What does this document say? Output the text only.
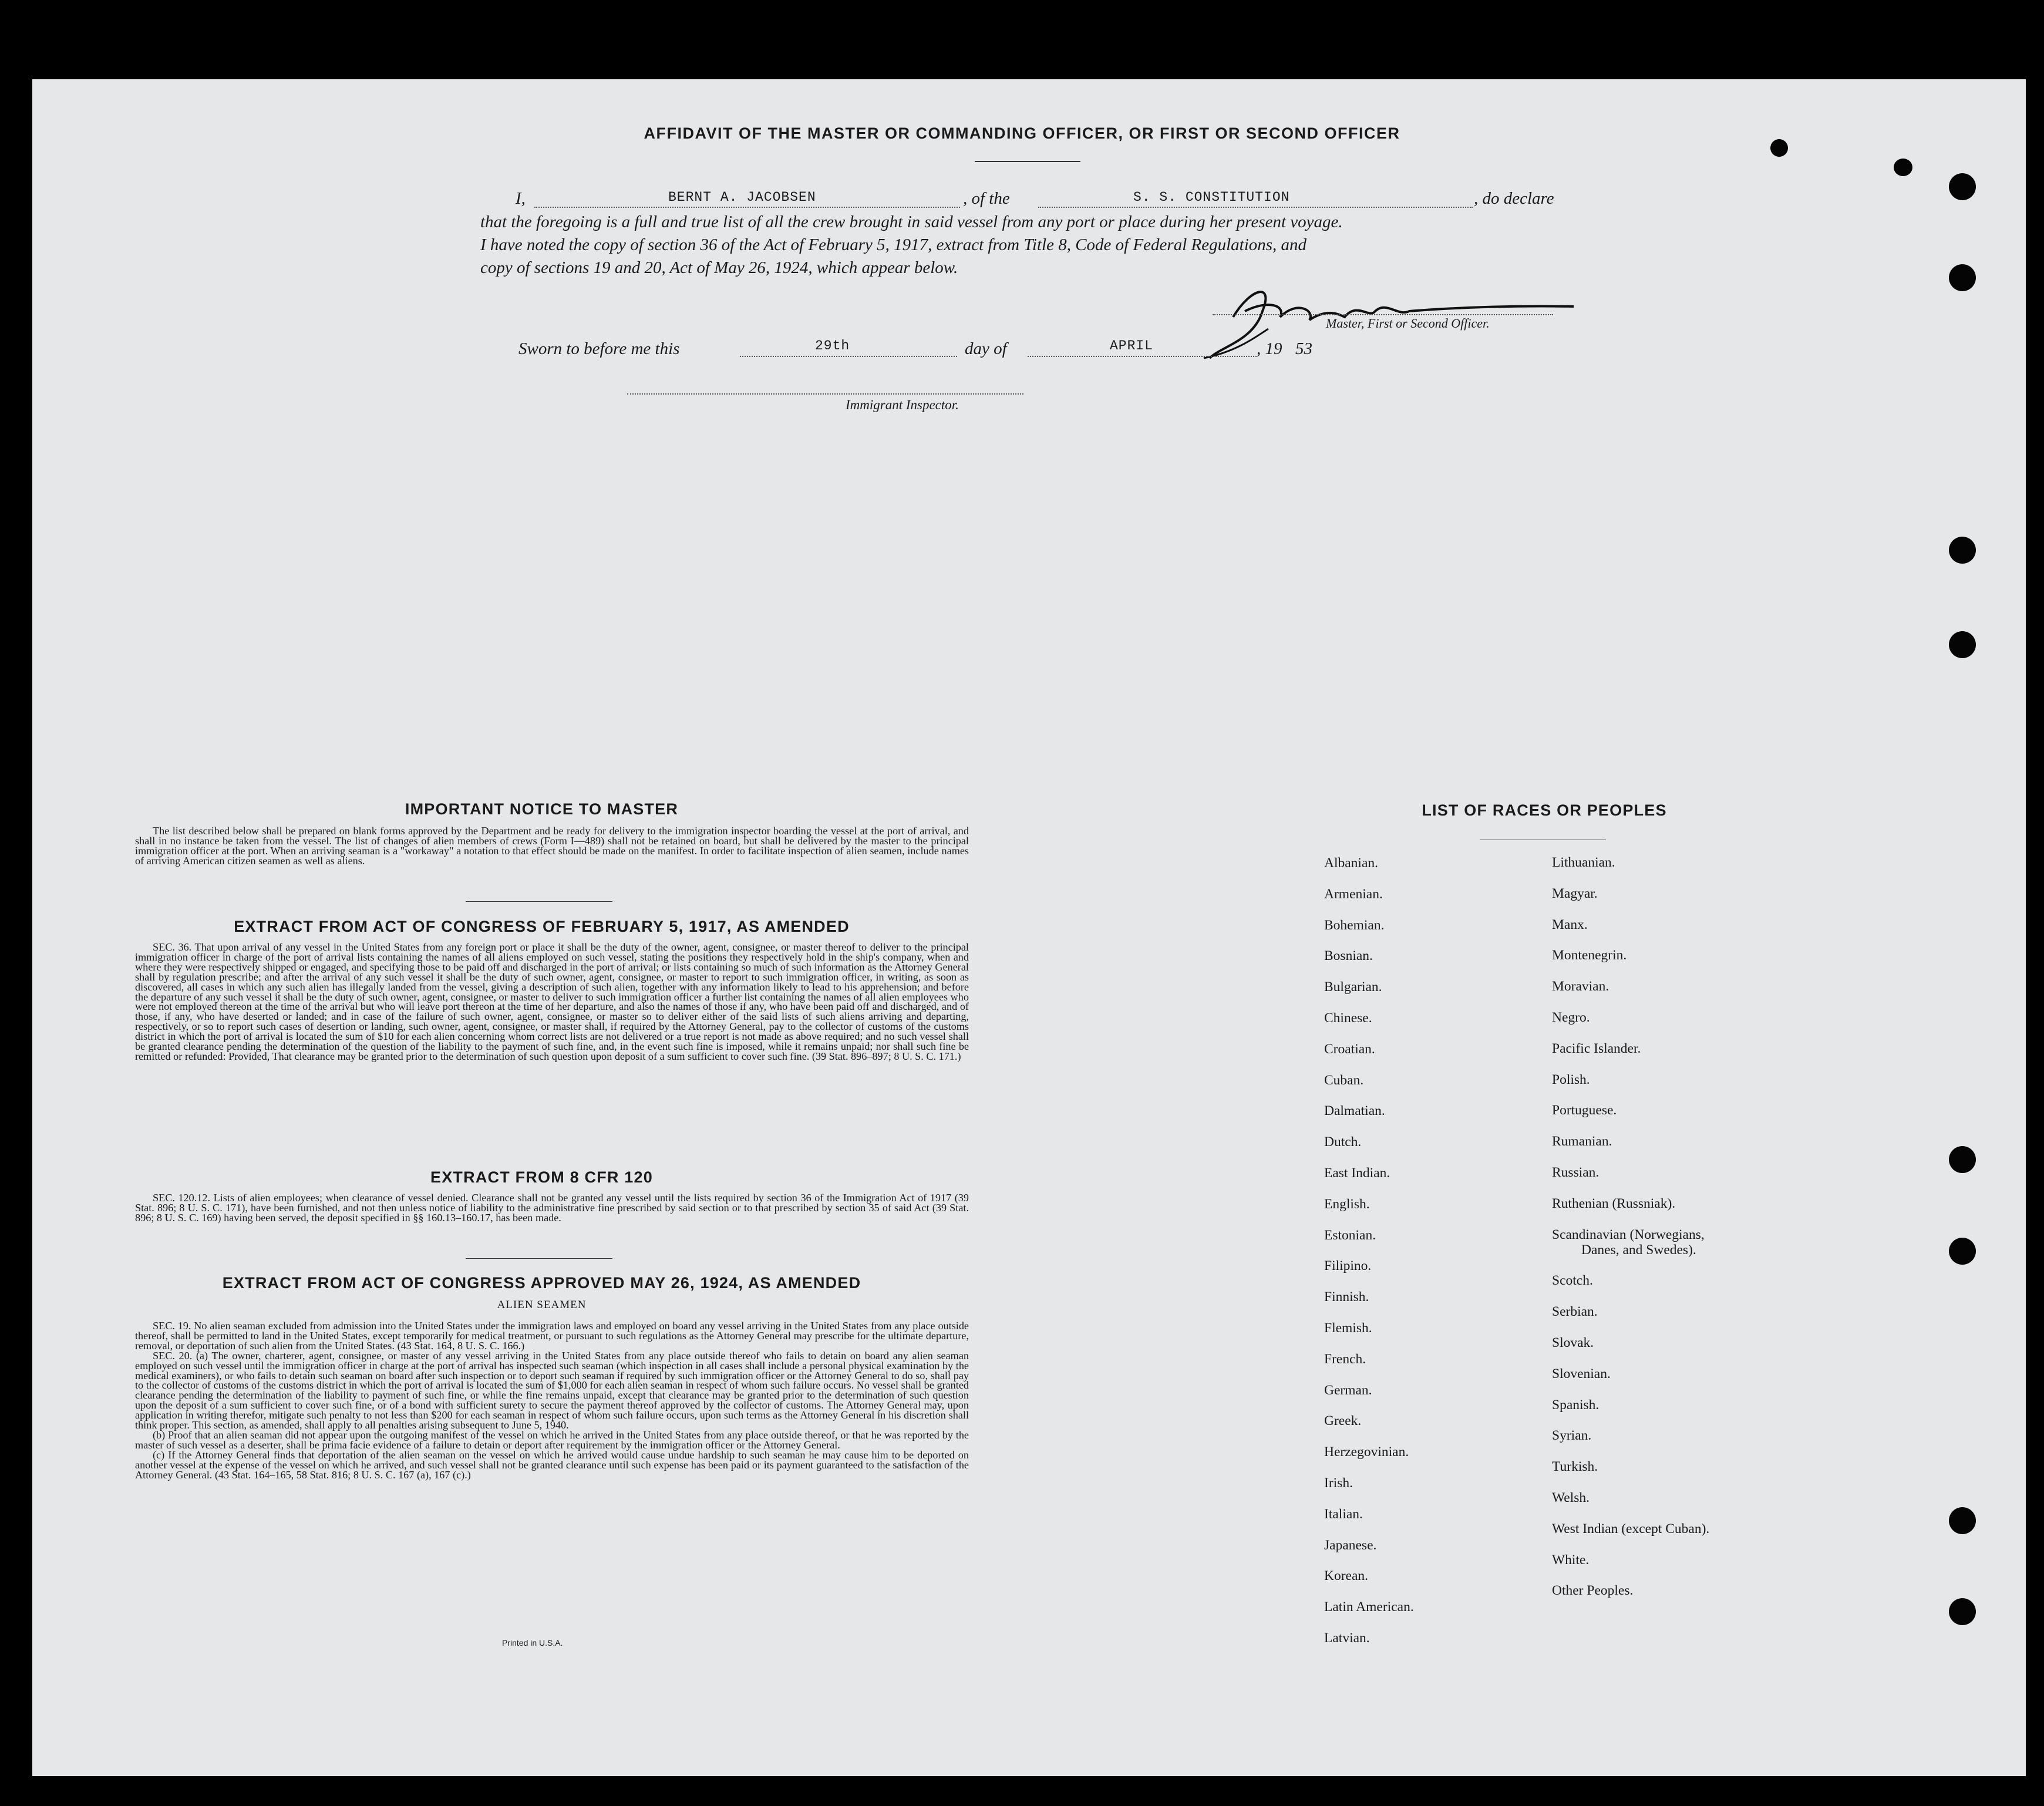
AFFIDAVIT OF THE MASTER OR COMMANDING OFFICER, OR FIRST OR SECOND OFFICER
I,	BERNT A. JACOBSEN	, of the	S. S. CONSTITUTION	, do declare
that the foregoing is a full and true list of all the crew brought in said vessel from any port or place during her present voyage.
I have noted the copy of section 36 of the Act of February 5, 1917, extract from Title 8, Code of Federal Regulations, and
copy of sections 19 and 20, Act of May 26, 1924, which appear below.
Master, First or Second Officer.
Sworn to before me this	29th	day of	APRIL	, 19 53
Immigrant Inspector.
IMPORTANT NOTICE TO MASTER

The list described below shall be prepared on blank forms approved by the Department and be ready for delivery to the immigration inspector boarding the vessel at the port of arrival, and shall in no instance be taken from the vessel. The list of changes of alien members of crews (Form I—489) shall not be retained on board, but shall be delivered by the master to the principal immigration officer at the port. When an arriving seaman is a "workaway" a notation to that effect should be made on the manifest. In order to facilitate inspection of alien seamen, include names of arriving American citizen seamen as well as aliens.

EXTRACT FROM ACT OF CONGRESS OF FEBRUARY 5, 1917, AS AMENDED

SEC. 36. That upon arrival of any vessel in the United States from any foreign port or place it shall be the duty of the owner, agent, consignee, or master thereof to deliver to the principal immigration officer in charge of the port of arrival lists containing the names of all aliens employed on such vessel, stating the positions they respectively hold in the ship's company, when and where they were respectively shipped or engaged, and specifying those to be paid off and discharged in the port of arrival; or lists containing so much of such information as the Attorney General shall by regulation prescribe; and after the arrival of any such vessel it shall be the duty of such owner, agent, consignee, or master to report to such immigration officer, in writing, as soon as discovered, all cases in which any such alien has illegally landed from the vessel, giving a description of such alien, together with any information likely to lead to his apprehension; and before the departure of any such vessel it shall be the duty of such owner, agent, consignee, or master to deliver to such immigration officer a further list containing the names of all alien employees who were not employed thereon at the time of the arrival but who will leave port thereon at the time of her departure, and also the names of those if any, who have been paid off and discharged, and of those, if any, who have deserted or landed; and in case of the failure of such owner, agent, consignee, or master so to deliver either of the said lists of such aliens arriving and departing, respectively, or so to report such cases of desertion or landing, such owner, agent, consignee, or master shall, if required by the Attorney General, pay to the collector of customs of the customs district in which the port of arrival is located the sum of $10 for each alien concerning whom correct lists are not delivered or a true report is not made as above required; and no such vessel shall be granted clearance pending the determination of the question of the liability to the payment of such fine, and, in the event such fine is imposed, while it remains unpaid; nor shall such fine be remitted or refunded: Provided, That clearance may be granted prior to the determination of such question upon deposit of a sum sufficient to cover such fine. (39 Stat. 896–897; 8 U. S. C. 171.)

EXTRACT FROM 8 CFR 120

SEC. 120.12. Lists of alien employees; when clearance of vessel denied. Clearance shall not be granted any vessel until the lists required by section 36 of the Immigration Act of 1917 (39 Stat. 896; 8 U. S. C. 171), have been furnished, and not then unless notice of liability to the administrative fine prescribed by said section or to that prescribed by section 35 of said Act (39 Stat. 896; 8 U. S. C. 169) having been served, the deposit specified in §§ 160.13–160.17, has been made.

EXTRACT FROM ACT OF CONGRESS APPROVED MAY 26, 1924, AS AMENDED
ALIEN SEAMEN

SEC. 19. No alien seaman excluded from admission into the United States under the immigration laws and employed on board any vessel arriving in the United States from any place outside thereof, shall be permitted to land in the United States, except temporarily for medical treatment, or pursuant to such regulations as the Attorney General may prescribe for the ultimate departure, removal, or deportation of such alien from the United States. (43 Stat. 164, 8 U. S. C. 166.)

SEC. 20. (a) The owner, charterer, agent, consignee, or master of any vessel arriving in the United States from any place outside thereof who fails to detain on board any alien seaman employed on such vessel until the immigration officer in charge at the port of arrival has inspected such seaman (which inspection in all cases shall include a personal physical examination by the medical examiners), or who fails to detain such seaman on board after such inspection or to deport such seaman if required by such immigration officer or the Attorney General to do so, shall pay to the collector of customs of the customs district in which the port of arrival is located the sum of $1,000 for each alien seaman in respect of whom such failure occurs. No vessel shall be granted clearance pending the determination of the liability to payment of such fine, or while the fine remains unpaid, except that clearance may be granted prior to the determination of such question upon the deposit of a sum sufficient to cover such fine, or of a bond with sufficient surety to secure the payment thereof approved by the collector of customs. The Attorney General may, upon application in writing therefor, mitigate such penalty to not less than $200 for each seaman in respect of whom such failure occurs, upon such terms as the Attorney General in his discretion shall think proper. This section, as amended, shall apply to all penalties arising subsequent to June 5, 1940.

(b) Proof that an alien seaman did not appear upon the outgoing manifest of the vessel on which he arrived in the United States from any place outside thereof, or that he was reported by the master of such vessel as a deserter, shall be prima facie evidence of a failure to detain or deport after requirement by the immigration officer or the Attorney General.

(c) If the Attorney General finds that deportation of the alien seaman on the vessel on which he arrived would cause undue hardship to such seaman he may cause him to be deported on another vessel at the expense of the vessel on which he arrived, and such vessel shall not be granted clearance until such expense has been paid or its payment guaranteed to the satisfaction of the Attorney General. (43 Stat. 164–165, 58 Stat. 816; 8 U. S. C. 167 (a), 167 (c).)

Printed in U.S.A.
LIST OF RACES OR PEOPLES
Albanian.
Armenian.
Bohemian.
Bosnian.
Bulgarian.
Chinese.
Croatian.
Cuban.
Dalmatian.
Dutch.
East Indian.
English.
Estonian.
Filipino.
Finnish.
Flemish.
French.
German.
Greek.
Herzegovinian.
Irish.
Italian.
Japanese.
Korean.
Latin American.
Latvian.
Lithuanian.
Magyar.
Manx.
Montenegrin.
Moravian.
Negro.
Pacific Islander.
Polish.
Portuguese.
Rumanian.
Russian.
Ruthenian (Russniak).
Scandinavian (Norwegians,
Danes, and Swedes).
Scotch.
Serbian.
Slovak.
Slovenian.
Spanish.
Syrian.
Turkish.
Welsh.
West Indian (except Cuban).
White.
Other Peoples.
